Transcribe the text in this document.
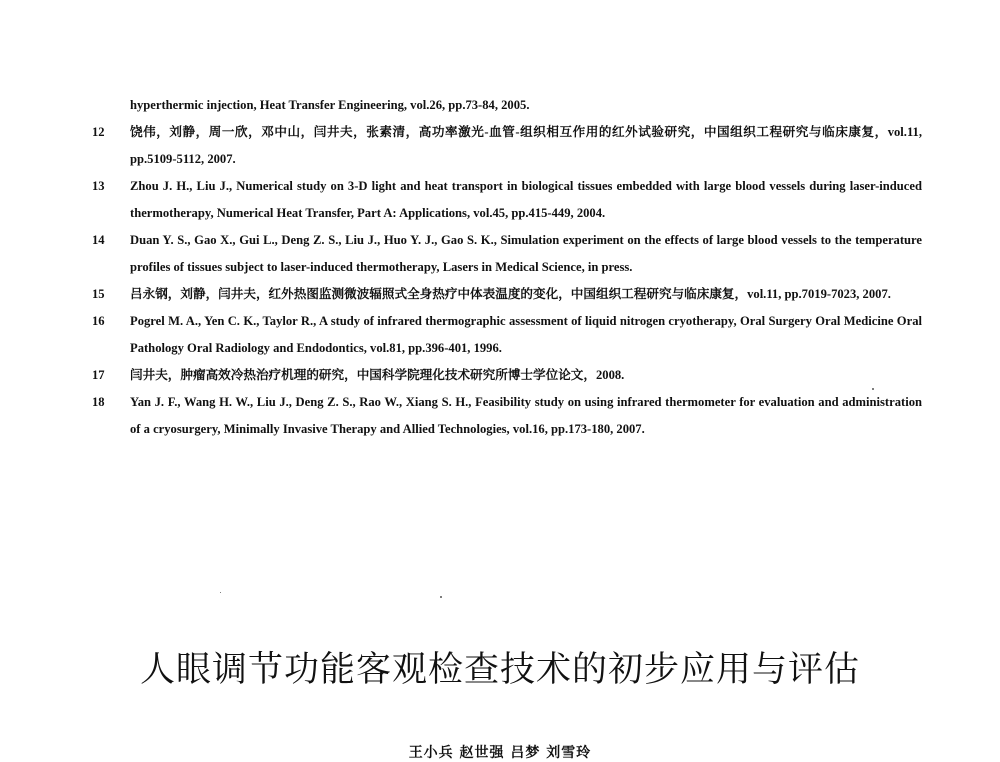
hyperthermic injection, Heat Transfer Engineering, vol.26, pp.73-84, 2005.
12	饶伟，刘静，周一欣，邓中山，闫井夫，张素清，高功率激光-血管-组织相互作用的红外试验研究，中国组织工程研究与临床康复，vol.11, pp.5109-5112, 2007.
13	Zhou J. H., Liu J., Numerical study on 3-D light and heat transport in biological tissues embedded with large blood vessels during laser-induced thermotherapy, Numerical Heat Transfer, Part A: Applications, vol.45, pp.415-449, 2004.
14	Duan Y. S., Gao X., Gui L., Deng Z. S., Liu J., Huo Y. J., Gao S. K., Simulation experiment on the effects of large blood vessels to the temperature profiles of tissues subject to laser-induced thermotherapy, Lasers in Medical Science, in press.
15	吕永钢，刘静，闫井夫，红外热图监测微波辐照式全身热疗中体表温度的变化，中国组织工程研究与临床康复，vol.11, pp.7019-7023, 2007.
16	Pogrel M. A., Yen C. K., Taylor R., A study of infrared thermographic assessment of liquid nitrogen cryotherapy, Oral Surgery Oral Medicine Oral Pathology Oral Radiology and Endodontics, vol.81, pp.396-401, 1996.
17	闫井夫，肿瘤高效冷热治疗机理的研究，中国科学院理化技术研究所博士学位论文，2008.
18	Yan J. F., Wang H. W., Liu J., Deng Z. S., Rao W., Xiang S. H., Feasibility study on using infrared thermometer for evaluation and administration of a cryosurgery, Minimally Invasive Therapy and Allied Technologies, vol.16, pp.173-180, 2007.
人眼调节功能客观检查技术的初步应用与评估
王小兵 赵世强 吕梦 刘雪玲
